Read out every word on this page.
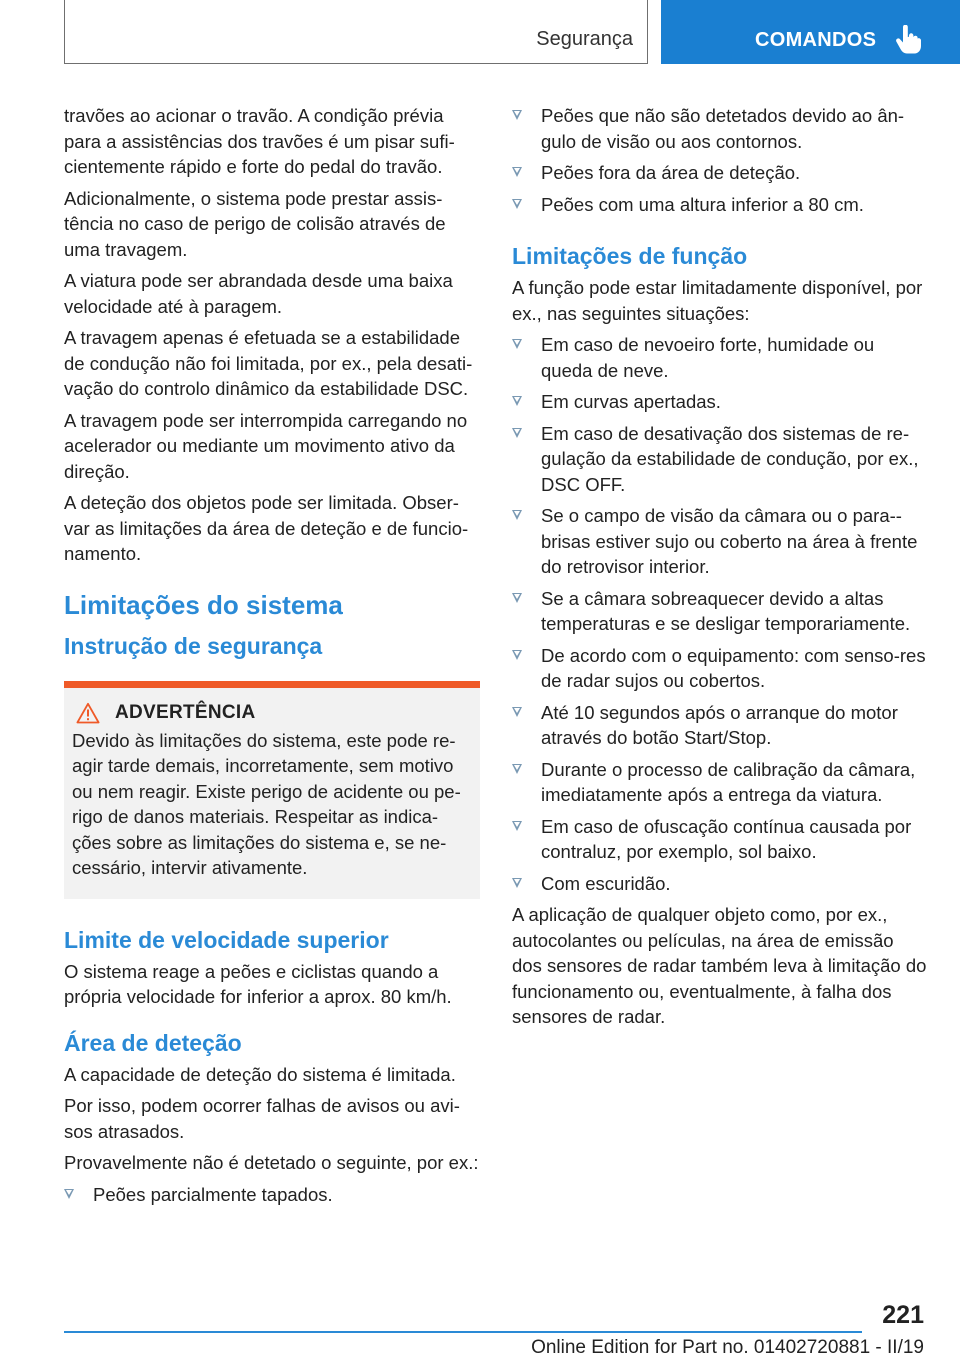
Segurança	COMANDOS

travões ao acionar o travão. A condição prévia para a assistências dos travões é um pisar sufi-cientemente rápido e forte do pedal do travão.

Adicionalmente, o sistema pode prestar assis-tência no caso de perigo de colisão através de uma travagem.

A viatura pode ser abrandada desde uma baixa velocidade até à paragem.

A travagem apenas é efetuada se a estabilidade de condução não foi limitada, por ex., pela desati-vação do controlo dinâmico da estabilidade DSC.

A travagem pode ser interrompida carregando no acelerador ou mediante um movimento ativo da direção.

A deteção dos objetos pode ser limitada. Obser-var as limitações da área de deteção e de funcio-namento.

Limitações do sistema
Instrução de segurança
ADVERTÊNCIA

Devido às limitações do sistema, este pode re-agir tarde demais, incorretamente, sem motivo ou nem reagir. Existe perigo de acidente ou pe-rigo de danos materiais. Respeitar as indica-ções sobre as limitações do sistema e, se ne-cessário, intervir ativamente.

Limite de velocidade superior

O sistema reage a peões e ciclistas quando a própria velocidade for inferior a aprox. 80 km/h.

Área de deteção

A capacidade de deteção do sistema é limitada.

Por isso, podem ocorrer falhas de avisos ou avi-sos atrasados.

Provavelmente não é detetado o seguinte, por ex.:

Peões parcialmente tapados.
Peões que não são detetados devido ao ân-gulo de visão ou aos contornos.
Peões fora da área de deteção.
Peões com uma altura inferior a 80 cm.
Limitações de função

A função pode estar limitadamente disponível, por ex., nas seguintes situações:

Em caso de nevoeiro forte, humidade ou queda de neve.
Em curvas apertadas.
Em caso de desativação dos sistemas de re-gulação da estabilidade de condução, por ex., DSC OFF.
Se o campo de visão da câmara ou o para--brisas estiver sujo ou coberto na área à frente do retrovisor interior.
Se a câmara sobreaquecer devido a altas temperaturas e se desligar temporariamente.
De acordo com o equipamento: com senso-res de radar sujos ou cobertos.
Até 10 segundos após o arranque do motor através do botão Start/Stop.
Durante o processo de calibração da câmara, imediatamente após a entrega da viatura.
Em caso de ofuscação contínua causada por contraluz, por exemplo, sol baixo.
Com escuridão.

A aplicação de qualquer objeto como, por ex., autocolantes ou películas, na área de emissão dos sensores de radar também leva à limitação do funcionamento ou, eventualmente, à falha dos sensores de radar.

221
Online Edition for Part no. 01402720881 - II/19
